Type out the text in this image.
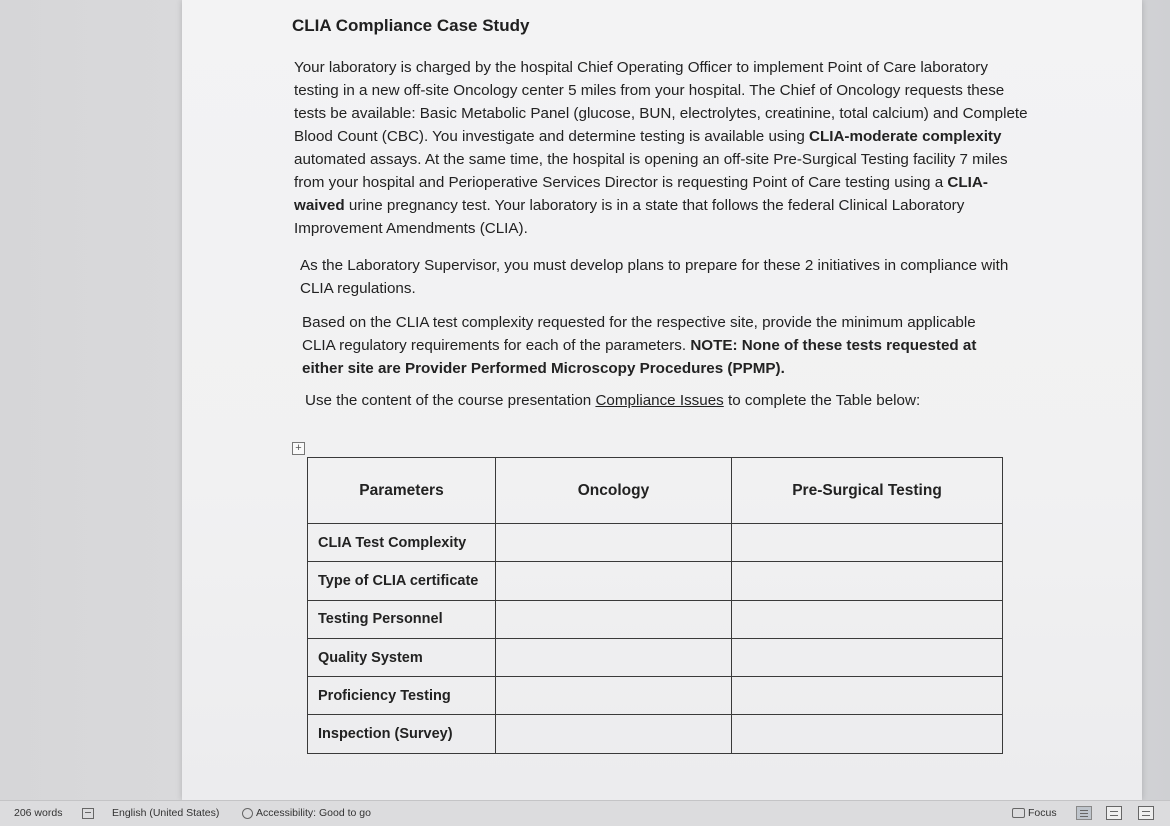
CLIA Compliance Case Study
Your laboratory is charged by the hospital Chief Operating Officer to implement Point of Care laboratory testing in a new off-site Oncology center 5 miles from your hospital. The Chief of Oncology requests these tests be available: Basic Metabolic Panel (glucose, BUN, electrolytes, creatinine, total calcium) and Complete Blood Count (CBC). You investigate and determine testing is available using CLIA-moderate complexity automated assays. At the same time, the hospital is opening an off-site Pre-Surgical Testing facility 7 miles from your hospital and Perioperative Services Director is requesting Point of Care testing using a CLIA-waived urine pregnancy test. Your laboratory is in a state that follows the federal Clinical Laboratory Improvement Amendments (CLIA).
As the Laboratory Supervisor, you must develop plans to prepare for these 2 initiatives in compliance with CLIA regulations.
Based on the CLIA test complexity requested for the respective site, provide the minimum applicable CLIA regulatory requirements for each of the parameters. NOTE: None of these tests requested at either site are Provider Performed Microscopy Procedures (PPMP).
Use the content of the course presentation Compliance Issues to complete the Table below:
+
Parameters	Oncology	Pre-Surgical Testing
CLIA Test Complexity		
Type of CLIA certificate		
Testing Personnel		
Quality System		
Proficiency Testing		
Inspection (Survey)		
206 words	English (United States)	Accessibility: Good to go	Focus
